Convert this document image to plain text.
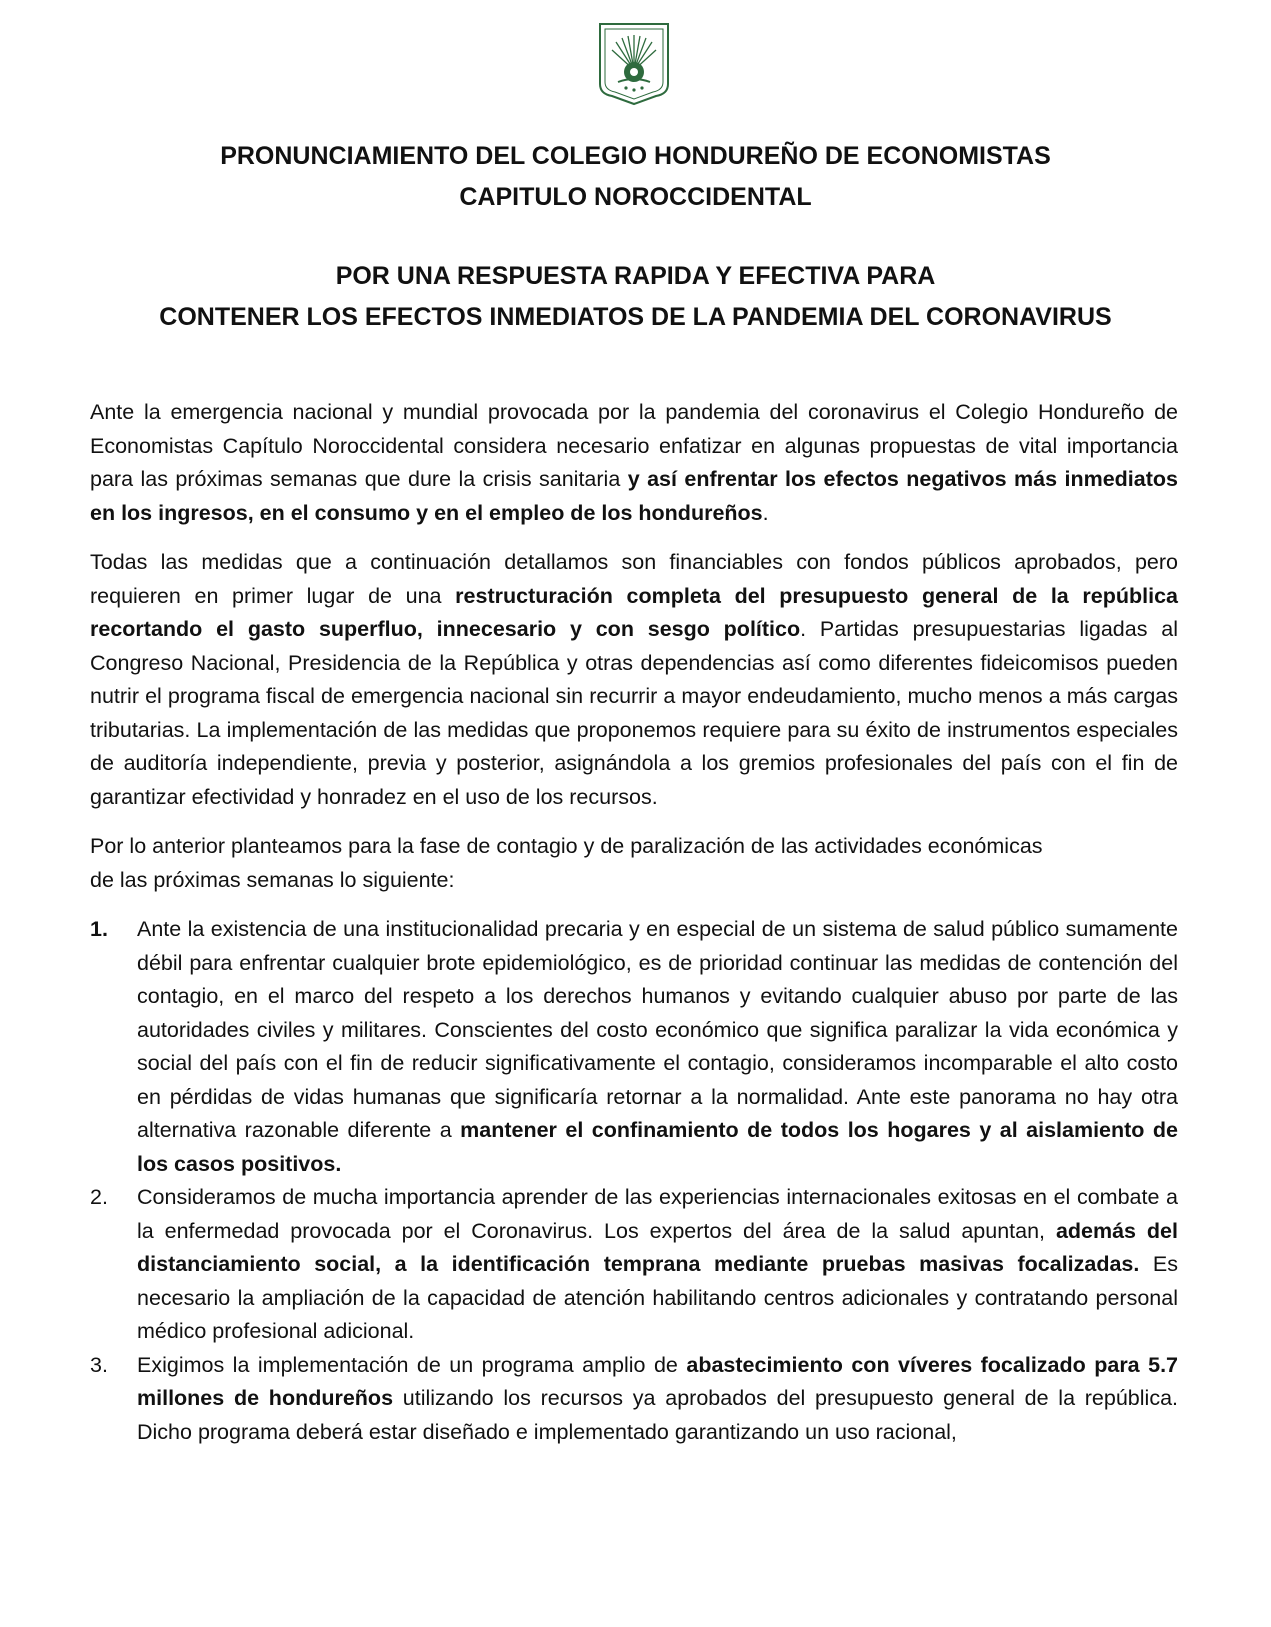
PRONUNCIAMIENTO DEL COLEGIO HONDUREÑO DE ECONOMISTAS
CAPITULO NOROCCIDENTAL
POR UNA RESPUESTA RAPIDA Y EFECTIVA PARA
CONTENER LOS EFECTOS INMEDIATOS DE LA PANDEMIA DEL CORONAVIRUS

Ante la emergencia nacional y mundial provocada por la pandemia del coronavirus el Colegio Hondureño de Economistas Capítulo Noroccidental considera necesario enfatizar en algunas propuestas de vital importancia para las próximas semanas que dure la crisis sanitaria y así enfrentar los efectos negativos más inmediatos en los ingresos, en el consumo y en el empleo de los hondureños.

Todas las medidas que a continuación detallamos son financiables con fondos públicos aprobados, pero requieren en primer lugar de una restructuración completa del presupuesto general de la república recortando el gasto superfluo, innecesario y con sesgo político. Partidas presupuestarias ligadas al Congreso Nacional, Presidencia de la República y otras dependencias así como diferentes fideicomisos pueden nutrir el programa fiscal de emergencia nacional sin recurrir a mayor endeudamiento, mucho menos a más cargas tributarias. La implementación de las medidas que proponemos requiere para su éxito de instrumentos especiales de auditoría independiente, previa y posterior, asignándola a los gremios profesionales del país con el fin de garantizar efectividad y honradez en el uso de los recursos.

Por lo anterior planteamos para la fase de contagio y de paralización de las actividades económicas
de las próximas semanas lo siguiente:

1. Ante la existencia de una institucionalidad precaria y en especial de un sistema de salud público sumamente débil para enfrentar cualquier brote epidemiológico, es de prioridad continuar las medidas de contención del contagio, en el marco del respeto a los derechos humanos y evitando cualquier abuso por parte de las autoridades civiles y militares. Conscientes del costo económico que significa paralizar la vida económica y social del país con el fin de reducir significativamente el contagio, consideramos incomparable el alto costo en pérdidas de vidas humanas que significaría retornar a la normalidad. Ante este panorama no hay otra alternativa razonable diferente a mantener el confinamiento de todos los hogares y al aislamiento de los casos positivos.
2. Consideramos de mucha importancia aprender de las experiencias internacionales exitosas en el combate a la enfermedad provocada por el Coronavirus. Los expertos del área de la salud apuntan, además del distanciamiento social, a la identificación temprana mediante pruebas masivas focalizadas. Es necesario la ampliación de la capacidad de atención habilitando centros adicionales y contratando personal médico profesional adicional.
3. Exigimos la implementación de un programa amplio de abastecimiento con víveres focalizado para 5.7 millones de hondureños utilizando los recursos ya aprobados del presupuesto general de la república. Dicho programa deberá estar diseñado e implementado garantizando un uso racional,
